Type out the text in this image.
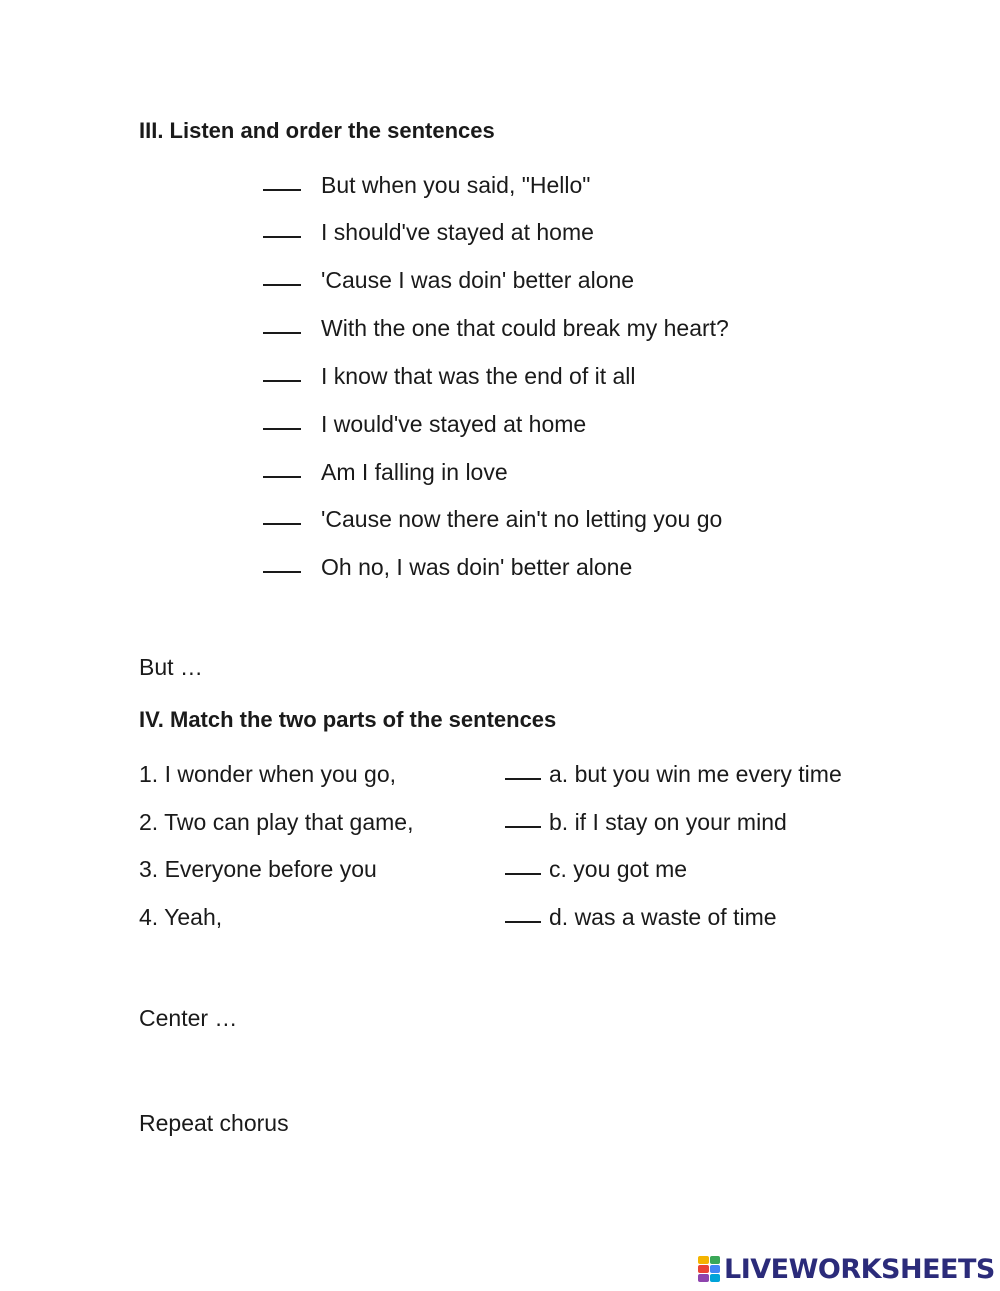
III. Listen and order the sentences
But when you said, "Hello"
I should've stayed at home
'Cause I was doin' better alone
With the one that could break my heart?
I know that was the end of it all
I would've stayed at home
Am I falling in love
'Cause now there ain't no letting you go
Oh no, I was doin' better alone
But …
IV. Match the two parts of the sentences
1. I wonder when you go,	a. but you win me every time
2. Two can play that game,	b. if I stay on your mind
3. Everyone before you	c. you got me
4. Yeah,	d. was a waste of time
Center …
Repeat chorus
LIVEWORKSHEETS
